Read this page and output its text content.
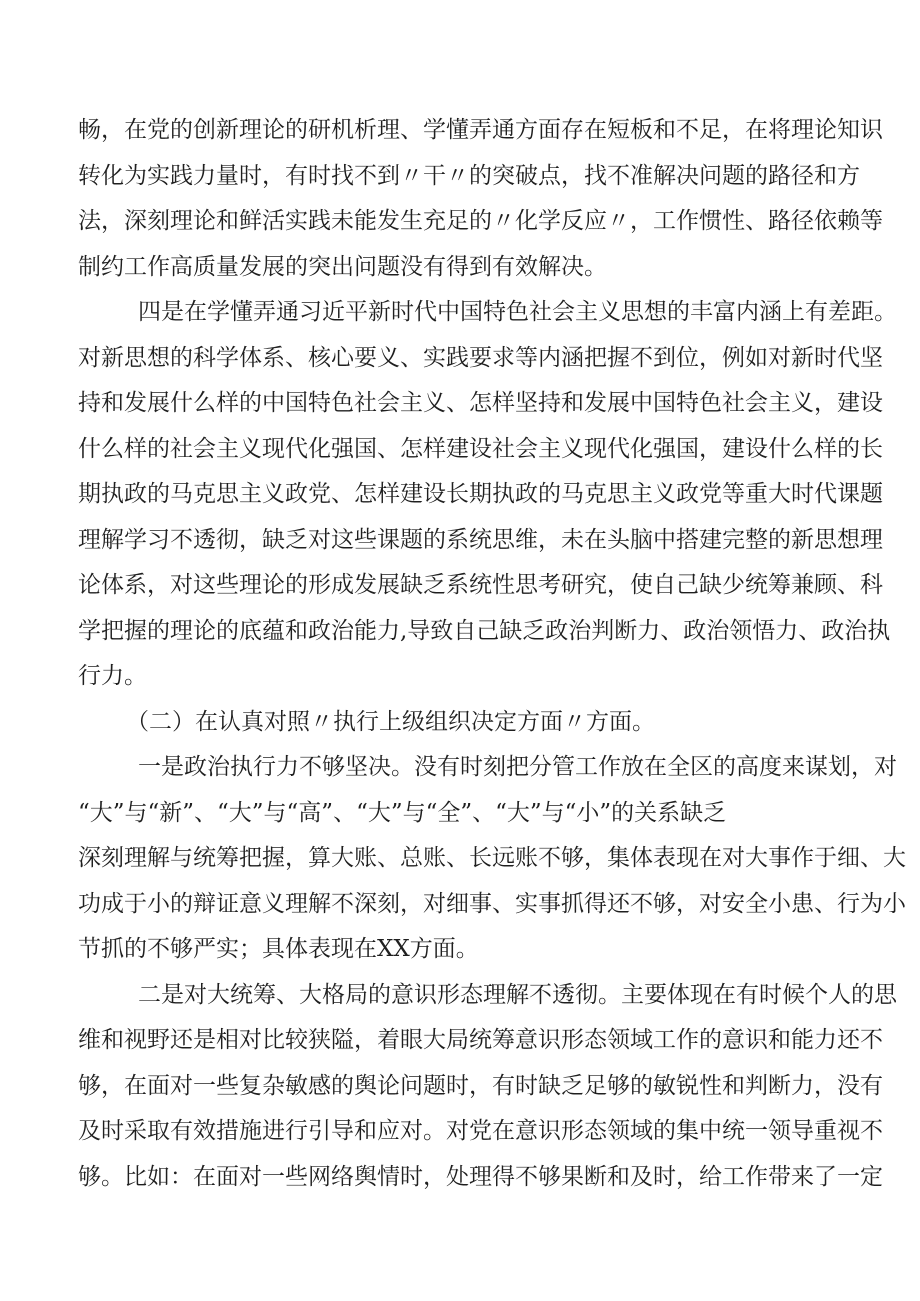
畅，在党的创新理论的研机析理、学懂弄通方面存在短板和不足，在将理论知识
转化为实践力量时，有时找不到〃干〃的突破点，找不准解决问题的路径和方
法，深刻理论和鲜活实践未能发生充足的〃化学反应〃，工作惯性、路径依赖等
制约工作高质量发展的突出问题没有得到有效解决。
四是在学懂弄通习近平新时代中国特色社会主义思想的丰富内涵上有差距。
对新思想的科学体系、核心要义、实践要求等内涵把握不到位，例如对新时代坚
持和发展什么样的中国特色社会主义、怎样坚持和发展中国特色社会主义，建设
什么样的社会主义现代化强国、怎样建设社会主义现代化强国，建设什么样的长
期执政的马克思主义政党、怎样建设长期执政的马克思主义政党等重大时代课题
理解学习不透彻，缺乏对这些课题的系统思维，未在头脑中搭建完整的新思想理
论体系，对这些理论的形成发展缺乏系统性思考研究，使自己缺少统筹兼顾、科
学把握的理论的底蕴和政治能力,导致自己缺乏政治判断力、政治领悟力、政治执
行力。
（二）在认真对照〃执行上级组织决定方面〃方面。
一是政治执行力不够坚决。没有时刻把分管工作放在全区的高度来谋划，对
“大”与“新”、“大”与“高”、“大”与“全”、“大”与“小”的关系缺乏
深刻理解与统筹把握，算大账、总账、长远账不够，集体表现在对大事作于细、大
功成于小的辩证意义理解不深刻，对细事、实事抓得还不够，对安全小患、行为小
节抓的不够严实；具体表现在XX方面。
二是对大统筹、大格局的意识形态理解不透彻。主要体现在有时候个人的思
维和视野还是相对比较狭隘，着眼大局统筹意识形态领域工作的意识和能力还不
够，在面对一些复杂敏感的舆论问题时，有时缺乏足够的敏锐性和判断力，没有
及时采取有效措施进行引导和应对。对党在意识形态领域的集中统一领导重视不
够。比如：在面对一些网络舆情时，处理得不够果断和及时，给工作带来了一定
